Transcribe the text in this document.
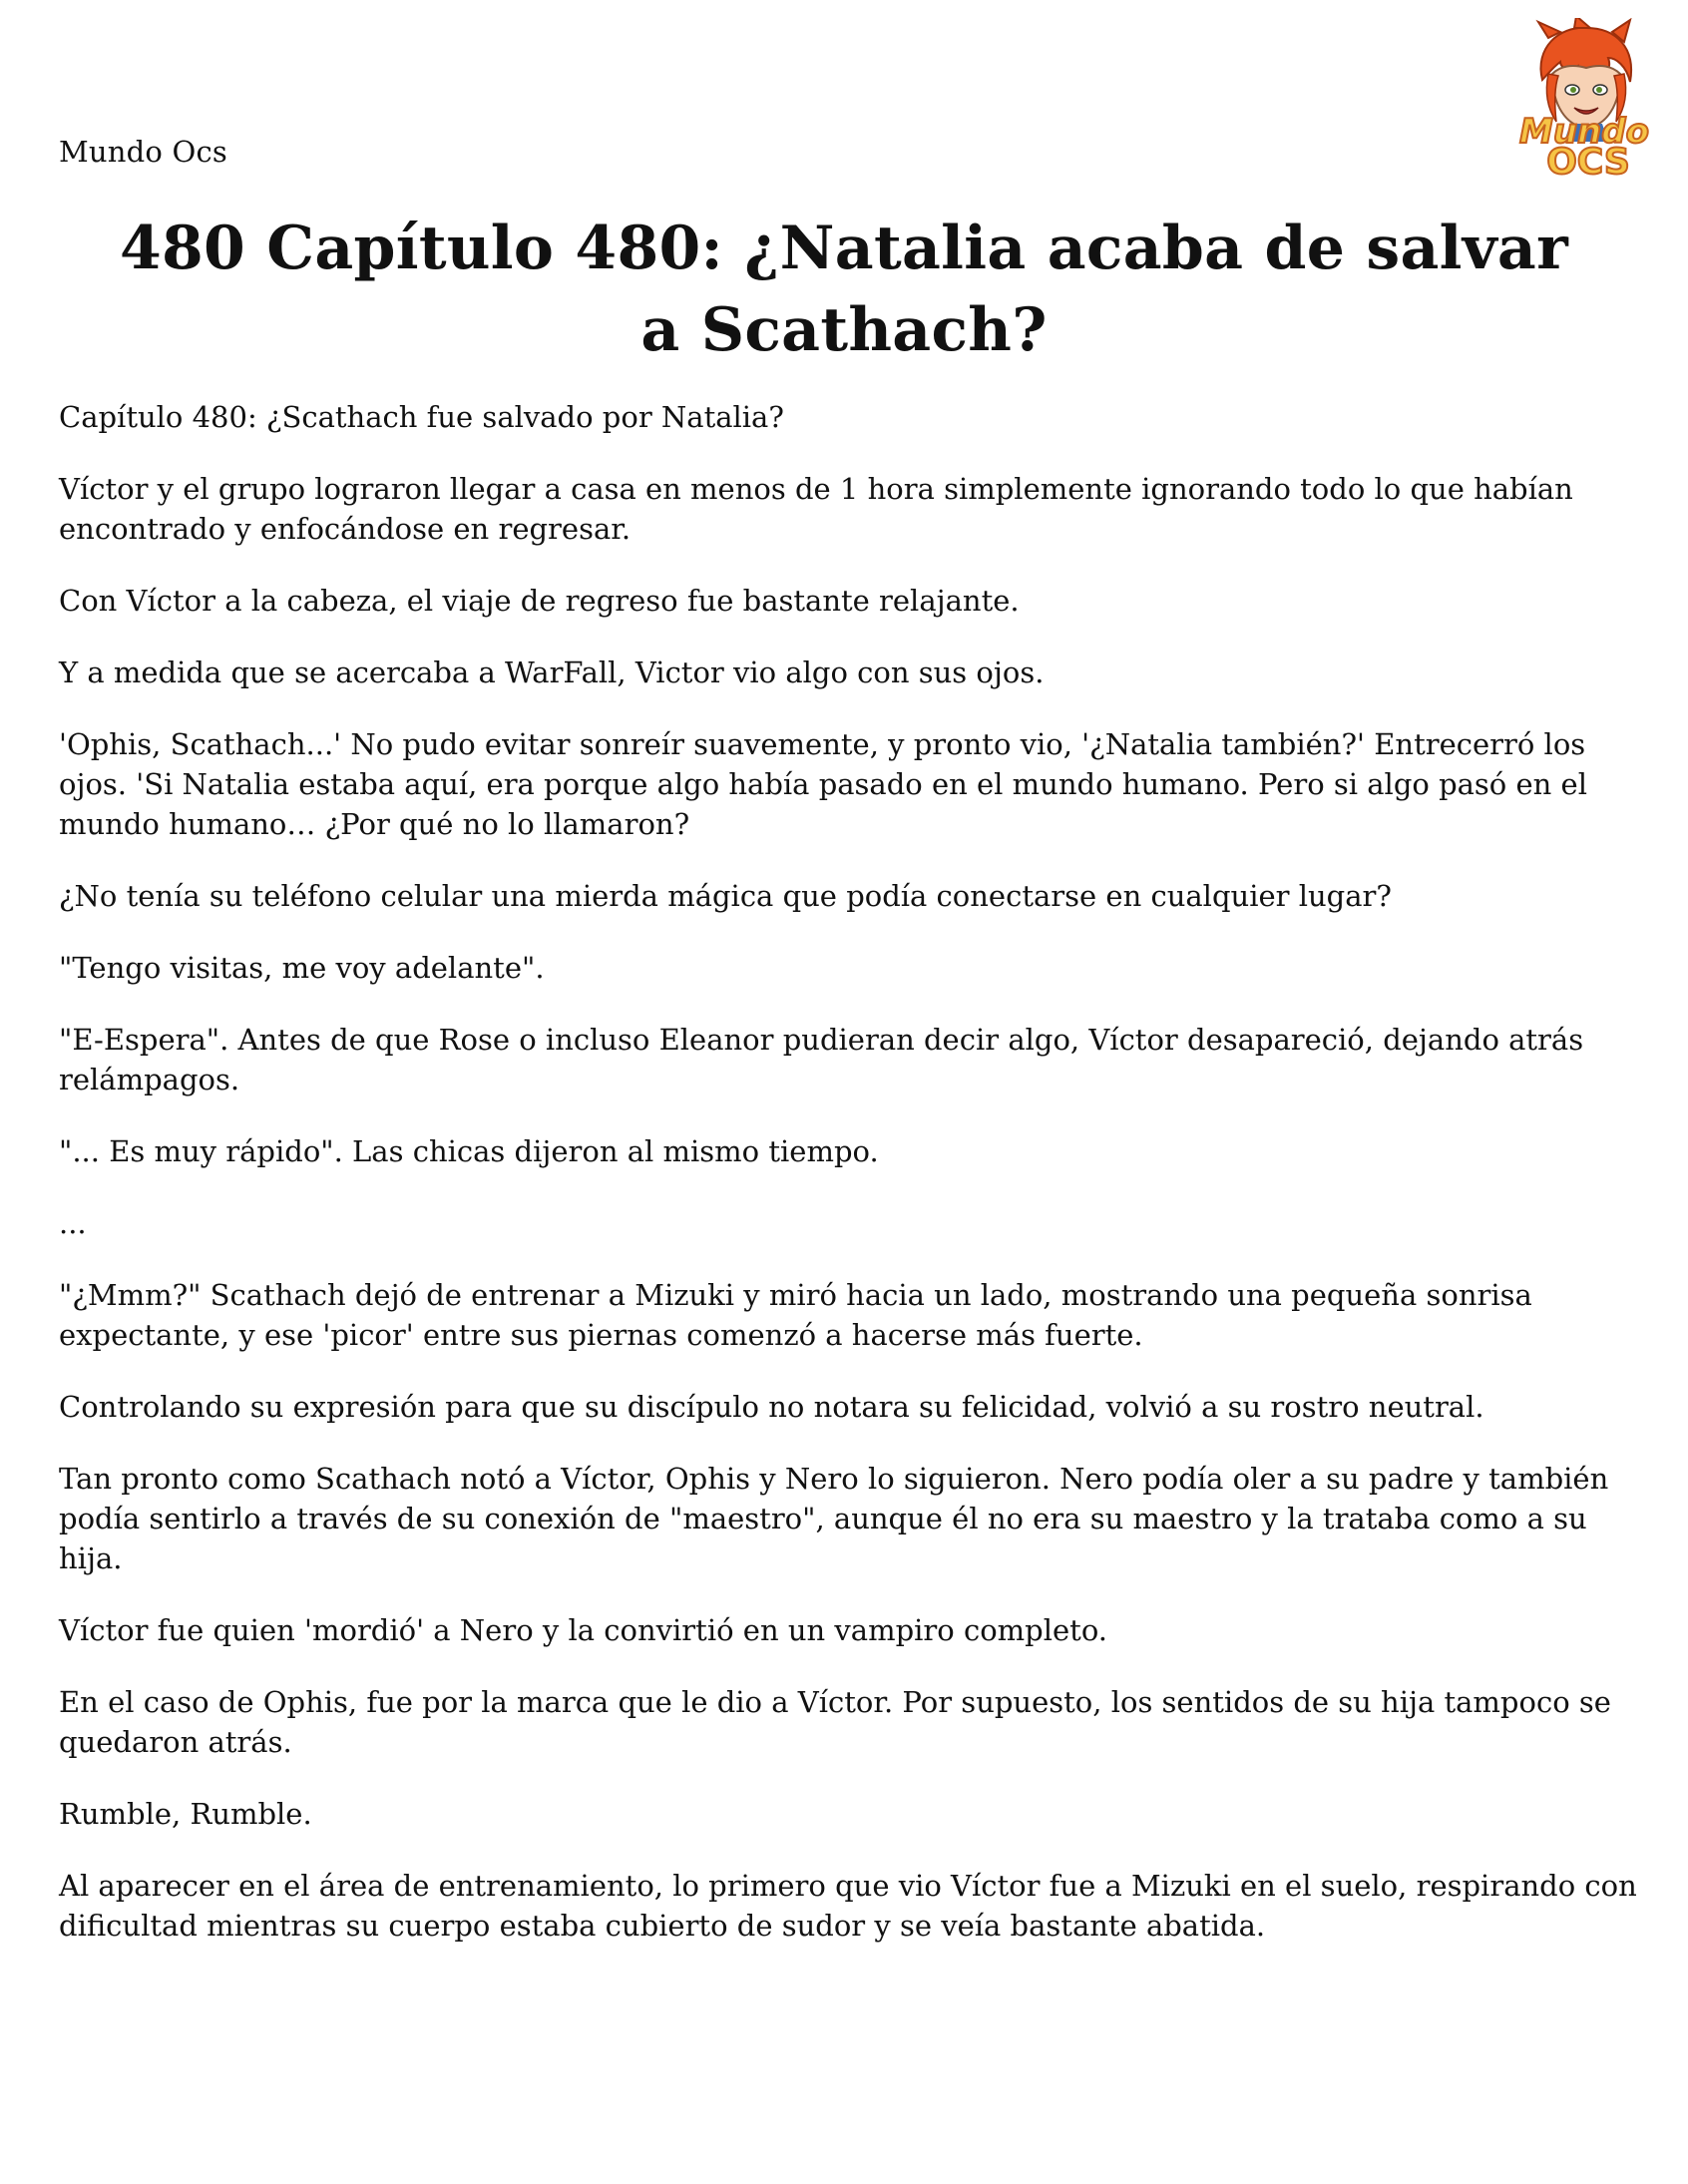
Mundo Ocs	Mundo
OCS
480 Capítulo 480: ¿Natalia acaba de salvar a Scathach?

Capítulo 480: ¿Scathach fue salvado por Natalia?

Víctor y el grupo lograron llegar a casa en menos de 1 hora simplemente ignorando todo lo que habían encontrado y enfocándose en regresar.

Con Víctor a la cabeza, el viaje de regreso fue bastante relajante.

Y a medida que se acercaba a WarFall, Victor vio algo con sus ojos.

'Ophis, Scathach...' No pudo evitar sonreír suavemente, y pronto vio, '¿Natalia también?' Entrecerró los ojos. 'Si Natalia estaba aquí, era porque algo había pasado en el mundo humano. Pero si algo pasó en el mundo humano… ¿Por qué no lo llamaron?

¿No tenía su teléfono celular una mierda mágica que podía conectarse en cualquier lugar?

"Tengo visitas, me voy adelante".

"E-Espera". Antes de que Rose o incluso Eleanor pudieran decir algo, Víctor desapareció, dejando atrás relámpagos.

"... Es muy rápido". Las chicas dijeron al mismo tiempo.

...

"¿Mmm?" Scathach dejó de entrenar a Mizuki y miró hacia un lado, mostrando una pequeña sonrisa expectante, y ese 'picor' entre sus piernas comenzó a hacerse más fuerte.

Controlando su expresión para que su discípulo no notara su felicidad, volvió a su rostro neutral.

Tan pronto como Scathach notó a Víctor, Ophis y Nero lo siguieron. Nero podía oler a su padre y también podía sentirlo a través de su conexión de "maestro", aunque él no era su maestro y la trataba como a su hija.

Víctor fue quien 'mordió' a Nero y la convirtió en un vampiro completo.

En el caso de Ophis, fue por la marca que le dio a Víctor. Por supuesto, los sentidos de su hija tampoco se quedaron atrás.

Rumble, Rumble.

Al aparecer en el área de entrenamiento, lo primero que vio Víctor fue a Mizuki en el suelo, respirando con dificultad mientras su cuerpo estaba cubierto de sudor y se veía bastante abatida.
